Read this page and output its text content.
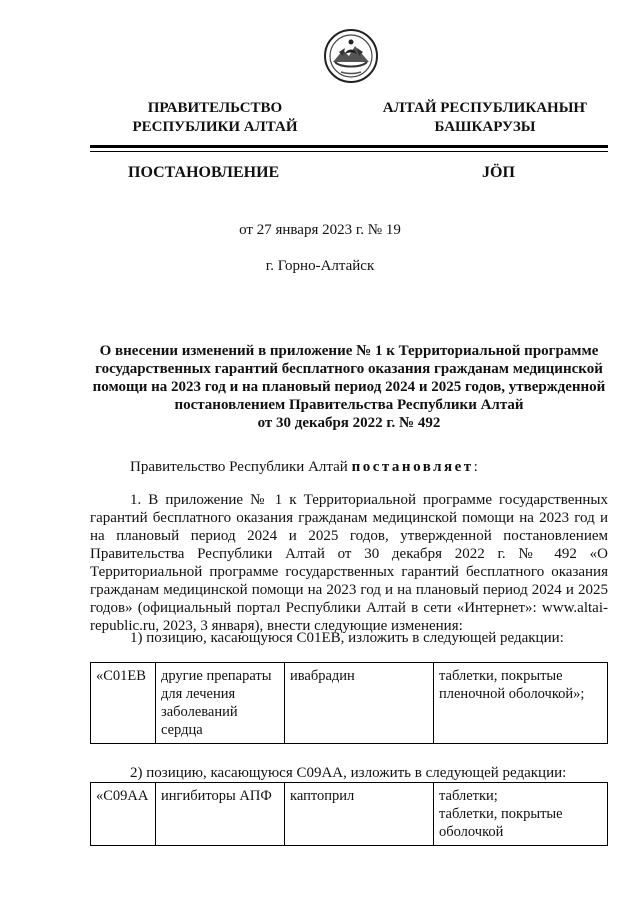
ПРАВИТЕЛЬСТВО
РЕСПУБЛИКИ АЛТАЙ
АЛТАЙ РЕСПУБЛИКАНЫҤ
БАШКАРУЗЫ
ПОСТАНОВЛЕНИЕ	JӦП
от 27 января 2023 г. № 19
г. Горно-Алтайск
О внесении изменений в приложение № 1 к Территориальной программе
государственных гарантий бесплатного оказания гражданам медицинской
помощи на 2023 год и на плановый период 2024 и 2025 годов, утвержденной
постановлением Правительства Республики Алтай
от 30 декабря 2022 г. № 492
Правительство Республики Алтай постановляет:
1. В приложение № 1 к Территориальной программе государственных гарантий бесплатного оказания гражданам медицинской помощи на 2023 год и на плановый период 2024 и 2025 годов, утвержденной постановлением Правительства Республики Алтай от 30 декабря 2022 г. № 492 «О Территориальной программе государственных гарантий бесплатного оказания гражданам медицинской помощи на 2023 год и на плановый период 2024 и 2025 годов» (официальный портал Республики Алтай в сети «Интернет»: www.altai-republic.ru, 2023, 3 января), внести следующие изменения:
1) позицию, касающуюся C01EB, изложить в следующей редакции:
«C01EB	другие препараты для лечения заболеваний сердца	ивабрадин	таблетки, покрытые пленочной оболочкой»;
2) позицию, касающуюся C09AA, изложить в следующей редакции:
«C09AA	ингибиторы АПФ	каптоприл	таблетки;
таблетки, покрытые оболочкой
